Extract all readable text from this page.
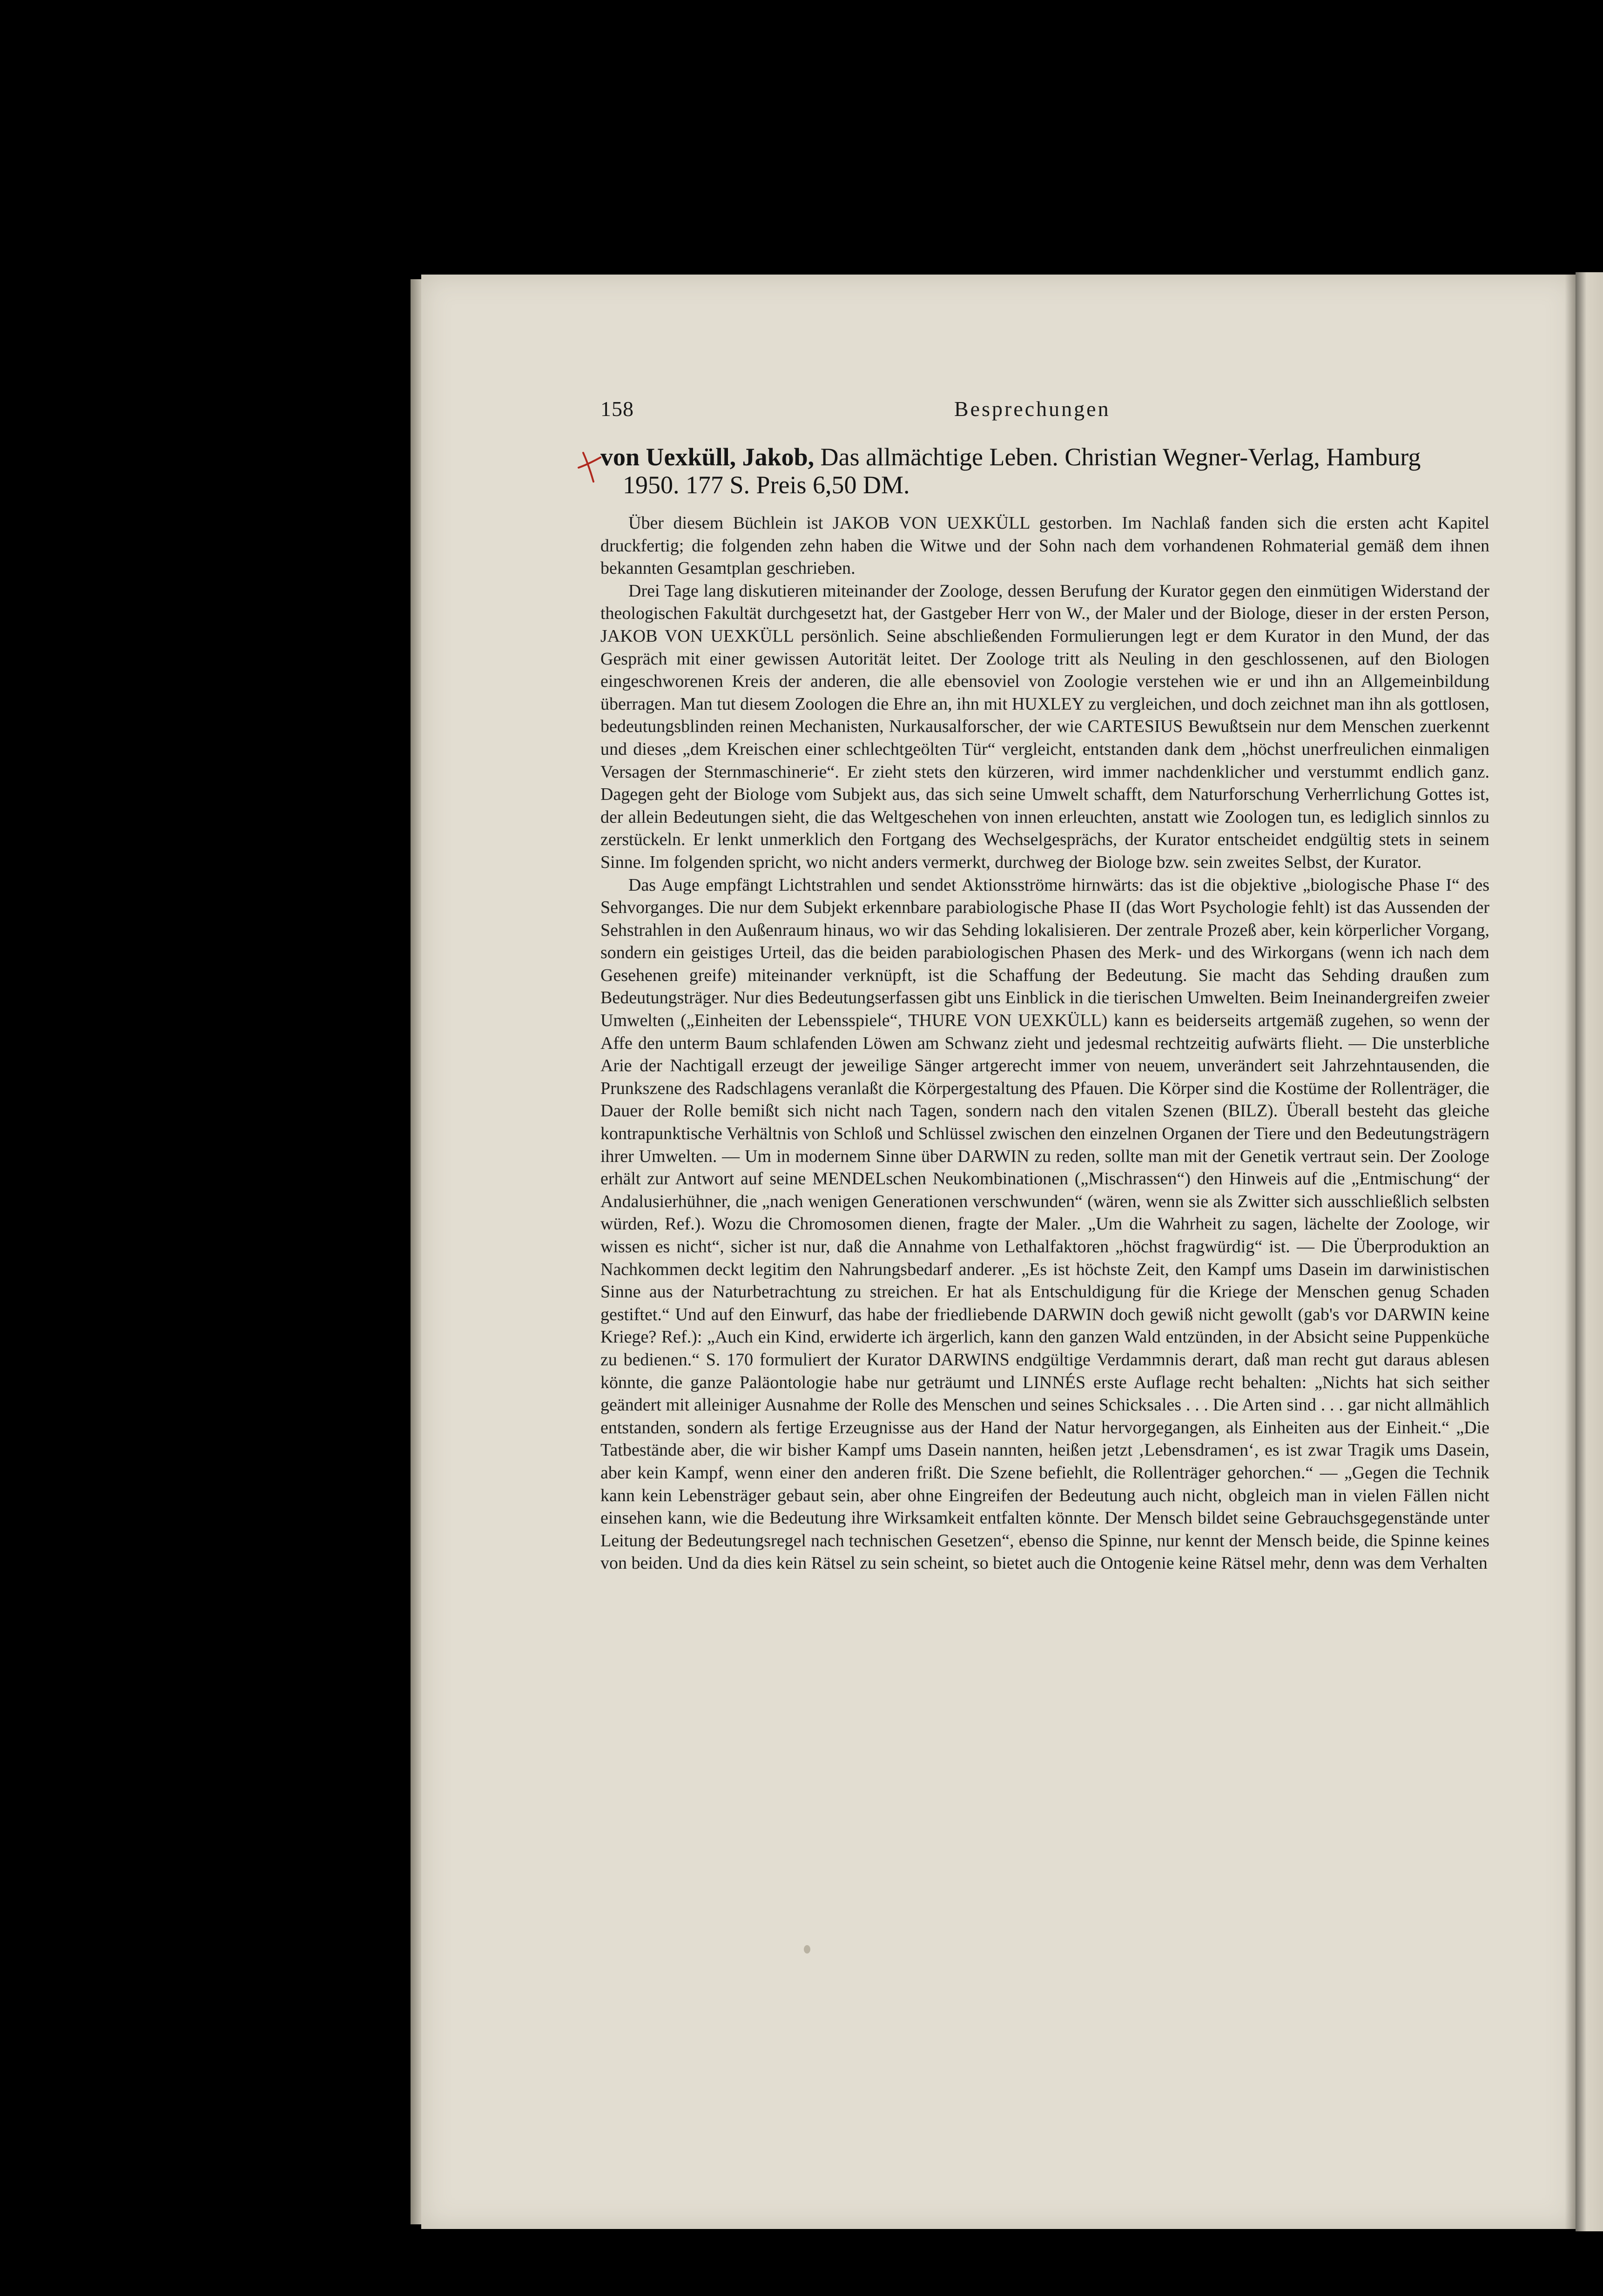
158	Besprechungen
von Uexküll, Jakob, Das allmächtige Leben. Christian Wegner-Verlag, Hamburg
1950. 177 S. Preis 6,50 DM.

Über diesem Büchlein ist JAKOB VON UEXKÜLL gestorben. Im Nachlaß fanden sich die ersten acht Kapitel druckfertig; die folgenden zehn haben die Witwe und der Sohn nach dem vorhandenen Rohmaterial gemäß dem ihnen bekannten Gesamtplan geschrieben.

Drei Tage lang diskutieren miteinander der Zoologe, dessen Berufung der Kurator gegen den einmütigen Widerstand der theologischen Fakultät durchgesetzt hat, der Gastgeber Herr von W., der Maler und der Biologe, dieser in der ersten Person, JAKOB VON UEXKÜLL persönlich. Seine abschließenden Formulierungen legt er dem Kurator in den Mund, der das Gespräch mit einer gewissen Autorität leitet. Der Zoologe tritt als Neuling in den geschlossenen, auf den Biologen eingeschworenen Kreis der anderen, die alle ebensoviel von Zoologie verstehen wie er und ihn an Allgemeinbildung überragen. Man tut diesem Zoologen die Ehre an, ihn mit HUXLEY zu vergleichen, und doch zeichnet man ihn als gottlosen, bedeutungsblinden reinen Mechanisten, Nurkausalforscher, der wie CARTESIUS Bewußtsein nur dem Menschen zuerkennt und dieses „dem Kreischen einer schlechtgeölten Tür“ vergleicht, entstanden dank dem „höchst unerfreulichen einmaligen Versagen der Sternmaschinerie“. Er zieht stets den kürzeren, wird immer nachdenklicher und verstummt endlich ganz. Dagegen geht der Biologe vom Subjekt aus, das sich seine Umwelt schafft, dem Naturforschung Verherrlichung Gottes ist, der allein Bedeutungen sieht, die das Weltgeschehen von innen erleuchten, anstatt wie Zoologen tun, es lediglich sinnlos zu zerstückeln. Er lenkt unmerklich den Fortgang des Wechselgesprächs, der Kurator entscheidet endgültig stets in seinem Sinne. Im folgenden spricht, wo nicht anders vermerkt, durchweg der Biologe bzw. sein zweites Selbst, der Kurator.

Das Auge empfängt Lichtstrahlen und sendet Aktionsströme hirnwärts: das ist die objektive „biologische Phase I“ des Sehvorganges. Die nur dem Subjekt erkennbare parabiologische Phase II (das Wort Psychologie fehlt) ist das Aussenden der Sehstrahlen in den Außenraum hinaus, wo wir das Sehding lokalisieren. Der zentrale Prozeß aber, kein körperlicher Vorgang, sondern ein geistiges Urteil, das die beiden parabiologischen Phasen des Merk- und des Wirkorgans (wenn ich nach dem Gesehenen greife) miteinander verknüpft, ist die Schaffung der Bedeutung. Sie macht das Sehding draußen zum Bedeutungsträger. Nur dies Bedeutungserfassen gibt uns Einblick in die tierischen Umwelten. Beim Ineinandergreifen zweier Umwelten („Einheiten der Lebensspiele“, THURE VON UEXKÜLL) kann es beiderseits artgemäß zugehen, so wenn der Affe den unterm Baum schlafenden Löwen am Schwanz zieht und jedesmal rechtzeitig aufwärts flieht. — Die unsterbliche Arie der Nachtigall erzeugt der jeweilige Sänger artgerecht immer von neuem, unverändert seit Jahrzehntausenden, die Prunkszene des Radschlagens veranlaßt die Körpergestaltung des Pfauen. Die Körper sind die Kostüme der Rollenträger, die Dauer der Rolle bemißt sich nicht nach Tagen, sondern nach den vitalen Szenen (BILZ). Überall besteht das gleiche kontrapunktische Verhältnis von Schloß und Schlüssel zwischen den einzelnen Organen der Tiere und den Bedeutungsträgern ihrer Umwelten. — Um in modernem Sinne über DARWIN zu reden, sollte man mit der Genetik vertraut sein. Der Zoologe erhält zur Antwort auf seine MENDELschen Neukombinationen („Mischrassen“) den Hinweis auf die „Entmischung“ der Andalusierhühner, die „nach wenigen Generationen verschwunden“ (wären, wenn sie als Zwitter sich ausschließlich selbsten würden, Ref.). Wozu die Chromosomen dienen, fragte der Maler. „Um die Wahrheit zu sagen, lächelte der Zoologe, wir wissen es nicht“, sicher ist nur, daß die Annahme von Lethalfaktoren „höchst fragwürdig“ ist. — Die Überproduktion an Nachkommen deckt legitim den Nahrungsbedarf anderer. „Es ist höchste Zeit, den Kampf ums Dasein im darwinistischen Sinne aus der Naturbetrachtung zu streichen. Er hat als Entschuldigung für die Kriege der Menschen genug Schaden gestiftet.“ Und auf den Einwurf, das habe der friedliebende DARWIN doch gewiß nicht gewollt (gab's vor DARWIN keine Kriege? Ref.): „Auch ein Kind, erwiderte ich ärgerlich, kann den ganzen Wald entzünden, in der Absicht seine Puppenküche zu bedienen.“ S. 170 formuliert der Kurator DARWINS endgültige Verdammnis derart, daß man recht gut daraus ablesen könnte, die ganze Paläontologie habe nur geträumt und LINNÉS erste Auflage recht behalten: „Nichts hat sich seither geändert mit alleiniger Ausnahme der Rolle des Menschen und seines Schicksales . . . Die Arten sind . . . gar nicht allmählich entstanden, sondern als fertige Erzeugnisse aus der Hand der Natur hervorgegangen, als Einheiten aus der Einheit.“ „Die Tatbestände aber, die wir bisher Kampf ums Dasein nannten, heißen jetzt ‚Lebensdramen‘, es ist zwar Tragik ums Dasein, aber kein Kampf, wenn einer den anderen frißt. Die Szene befiehlt, die Rollenträger gehorchen.“ — „Gegen die Technik kann kein Lebensträger gebaut sein, aber ohne Eingreifen der Bedeutung auch nicht, obgleich man in vielen Fällen nicht einsehen kann, wie die Bedeutung ihre Wirksamkeit entfalten könnte. Der Mensch bildet seine Gebrauchsgegenstände unter Leitung der Bedeutungsregel nach technischen Gesetzen“, ebenso die Spinne, nur kennt der Mensch beide, die Spinne keines von beiden. Und da dies kein Rätsel zu sein scheint, so bietet auch die Ontogenie keine Rätsel mehr, denn was dem Verhalten
